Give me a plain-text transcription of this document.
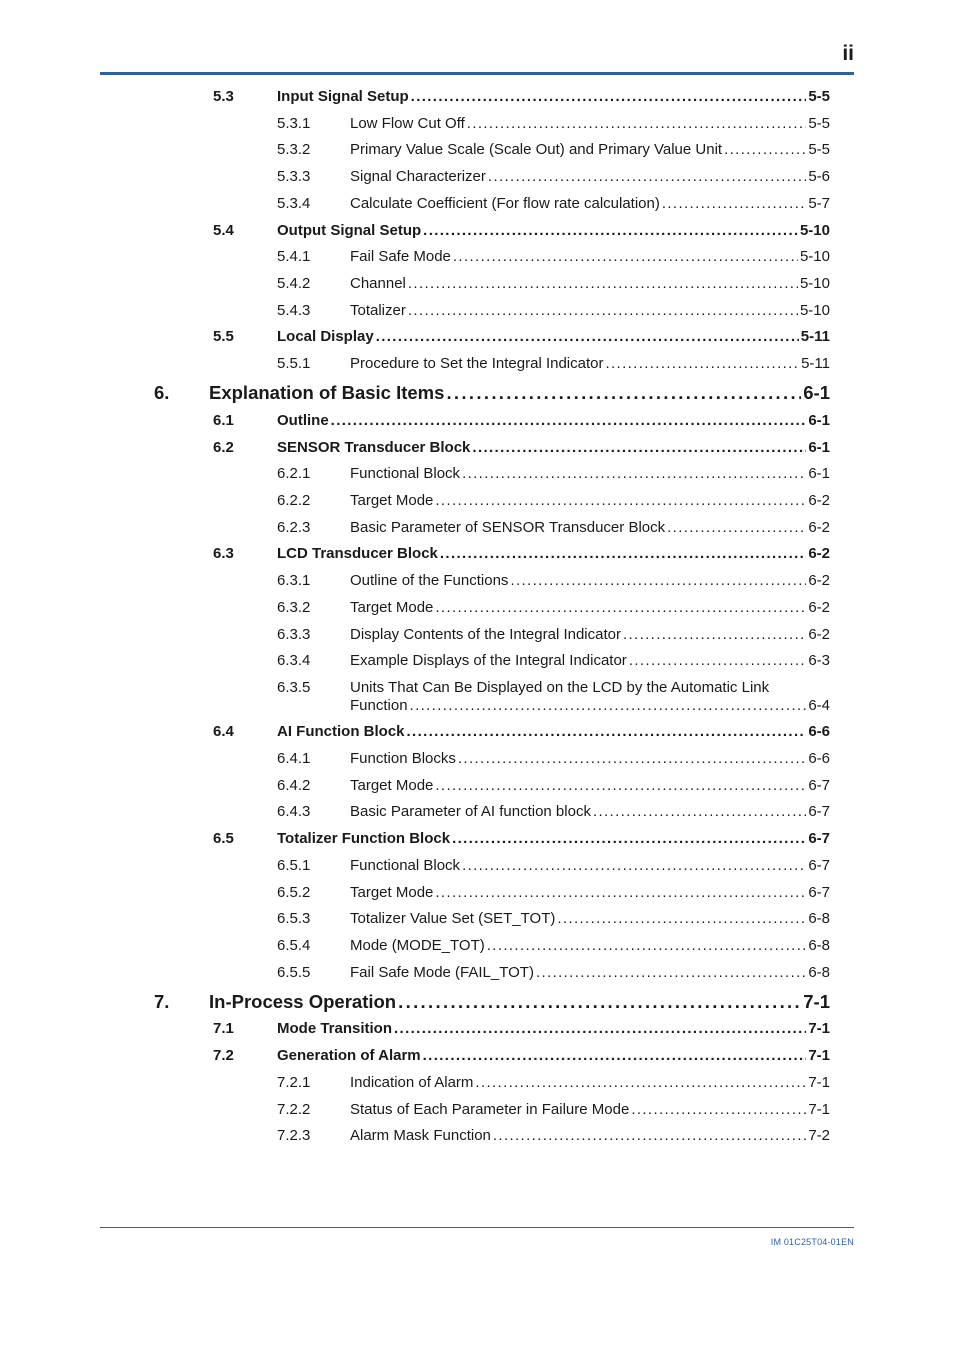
ii
5.3	Input Signal Setup . . .	5-5
5.3.1	Low Flow Cut Off . . .	5-5
5.3.2	Primary Value Scale (Scale Out) and Primary Value Unit . . .	5-5
5.3.3	Signal Characterizer . . .	5-6
5.3.4	Calculate Coefficient (For flow rate calculation) . . .	5-7
5.4	Output Signal Setup . . .	5-10
5.4.1	Fail Safe Mode . . .	5-10
5.4.2	Channel . . .	5-10
5.4.3	Totalizer . . .	5-10
5.5	Local Display . . .	5-11
5.5.1	Procedure to Set the Integral Indicator . . .	5-11
6. Explanation of Basic Items . . .	6-1
6.1	Outline . . .	6-1
6.2	SENSOR Transducer Block . . .	6-1
6.2.1	Functional Block . . .	6-1
6.2.2	Target Mode . . .	6-2
6.2.3	Basic Parameter of SENSOR Transducer Block . . .	6-2
6.3	LCD Transducer Block . . .	6-2
6.3.1	Outline of the Functions . . .	6-2
6.3.2	Target Mode . . .	6-2
6.3.3	Display Contents of the Integral Indicator . . .	6-2
6.3.4	Example Displays of the Integral Indicator . . .	6-3
6.3.5	Units That Can Be Displayed on the LCD by the Automatic Link
Function . . .	6-4
6.4	AI Function Block . . .	6-6
6.4.1	Function Blocks . . .	6-6
6.4.2	Target Mode . . .	6-7
6.4.3	Basic Parameter of AI function block . . .	6-7
6.5	Totalizer Function Block . . .	6-7
6.5.1	Functional Block . . .	6-7
6.5.2	Target Mode . . .	6-7
6.5.3	Totalizer Value Set (SET_TOT) . . .	6-8
6.5.4	Mode (MODE_TOT) . . .	6-8
6.5.5	Fail Safe Mode (FAIL_TOT) . . .	6-8
7. In-Process Operation . . .	7-1
7.1	Mode Transition . . .	7-1
7.2	Generation of Alarm . . .	7-1
7.2.1	Indication of Alarm . . .	7-1
7.2.2	Status of Each Parameter in Failure Mode . . .	7-1
7.2.3	Alarm Mask Function . . .	7-2
IM 01C25T04-01EN
